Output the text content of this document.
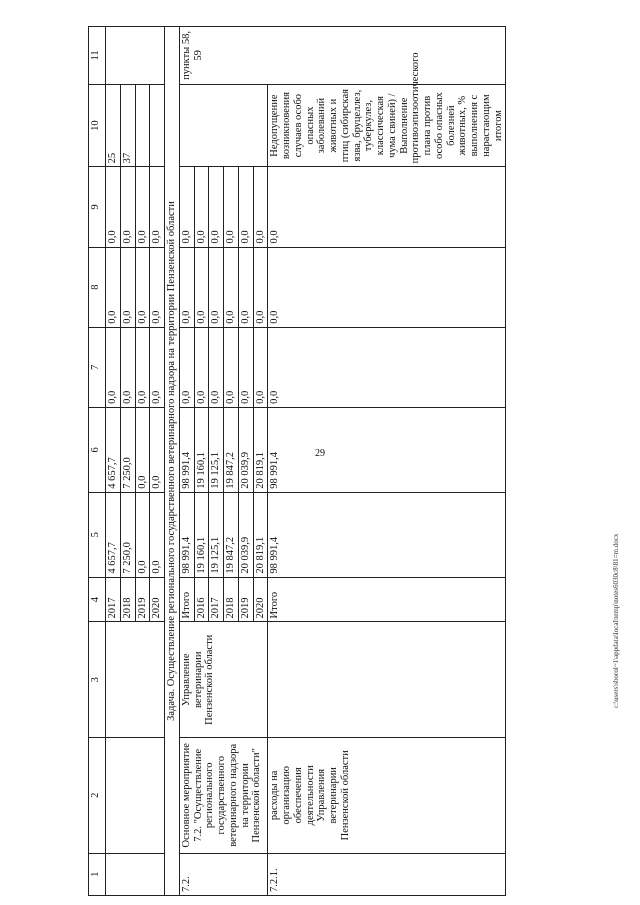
29
1	2	3	4	5	6	7	8	9	10	11
			2017	4 657,7	4 657,7	0,0	0,0	0,0	25	
			2018	7 250,0	7 250,0	0,0	0,0	0,0	37	
			2019	0,0	0,0	0,0	0,0	0,0		
			2020	0,0	0,0	0,0	0,0	0,0		
Задача. Осуществление регионального государственного ветеринарного надзора на территории Пензенской области										
7.2.	Основное мероприятие 7.2. "Осуществление регионального государственного ветеринарного надзора на территории Пензенской области"	Управление ветеринарии Пензенской области	Итого	98 991,4	98 991,4	0,0	0,0	0,0		пункты 58, 59
			2016	19 160,1	19 160,1	0,0	0,0	0,0		
			2017	19 125,1	19 125,1	0,0	0,0	0,0		
			2018	19 847,2	19 847,2	0,0	0,0	0,0		
			2019	20 039,9	20 039,9	0,0	0,0	0,0		
			2020	20 819,1	20 819,1	0,0	0,0	0,0		
7.2.1.	расходы на организацию обеспечения деятельности Управления ветеринарии Пензенской области		Итого	98 991,4	98 991,4	0,0	0,0	0,0	Недопущение возникновения случаев особо опасных заболеваний животных и птиц (сибирская язва, бруцеллез, туберкулез, классическая чума свиней) / Выполнение противоэпизоотического плана против особо опасных болезней животных, % выполнения с нарастающим итогом	
c:\users\sborol~1\appdata\local\temp\notes6030c8\81=m.docx
